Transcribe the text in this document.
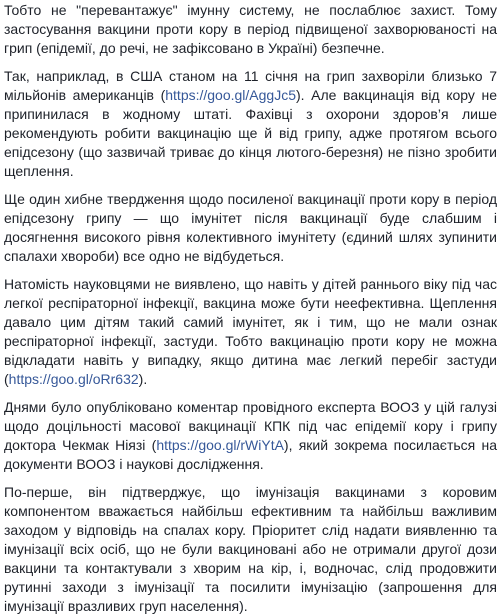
Тобто не "перевантажує" імунну систему, не послаблює захист. Тому застосування вакцини проти кору в період підвищеної захворюваності на грип (епідемії, до речі, не зафіксовано в Україні) безпечне.

Так, наприклад, в США станом на 11 січня на грип захворіли близько 7 мільйонів американців (https://goo.gl/AggJc5). Але вакцинація від кору не припинилася в жодному штаті. Фахівці з охорони здоров’я лише рекомендують робити вакцинацію ще й від грипу, адже протягом всього епідсезону (що зазвичай триває до кінця лютого-березня) не пізно зробити щеплення.

Ще один хибне твердження щодо посиленої вакцинації проти кору в період епідсезону грипу — що імунітет після вакцинації буде слабшим і досягнення високого рівня колективного імунітету (єдиний шлях зупинити спалахи хвороби) все одно не відбудеться.

Натомість науковцями не виявлено, що навіть у дітей раннього віку під час легкої респіраторної інфекції, вакцина може бути неефективна. Щеплення давало цим дітям такий самий імунітет, як і тим, що не мали ознак респіраторної інфекції, застуди. Тобто вакцинацію проти кору не можна відкладати навіть у випадку, якщо дитина має легкий перебіг застуди (https://goo.gl/oRr632).

Днями було опубліковано коментар провідного експерта ВООЗ у цій галузі щодо доцільності масової вакцинації КПК під час епідемії кору і грипу доктора Чекмак Ніязі (https://goo.gl/rWiYtA), який зокрема посилається на документи ВООЗ і наукові дослідження.

По-перше, він підтверджує, що імунізація вакцинами з коровим компонентом вважається найбільш ефективним та найбільш важливим заходом у відповідь на спалах кору. Пріоритет слід надати виявленню та імунізації всіх осіб, що не були вакциновані або не отримали другої дози вакцини та контактували з хворим на кір, і, водночас, слід продовжити рутинні заходи з імунізації та посилити імунізацію (запрошення для імунізації вразливих груп населення).
